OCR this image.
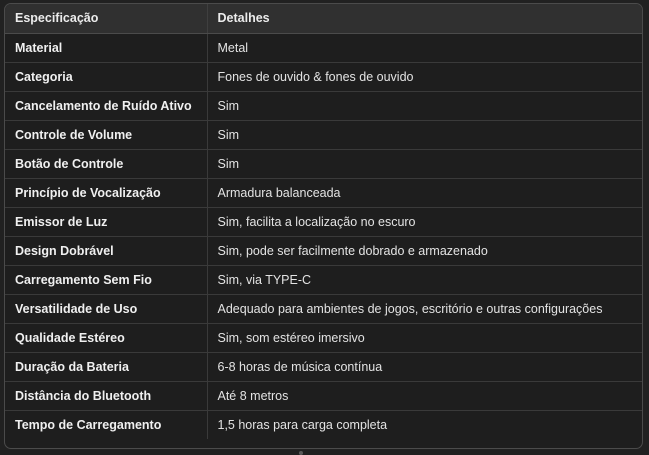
Especificação	Detalhes
Material	Metal
Categoria	Fones de ouvido & fones de ouvido
Cancelamento de Ruído Ativo	Sim
Controle de Volume	Sim
Botão de Controle	Sim
Princípio de Vocalização	Armadura balanceada
Emissor de Luz	Sim, facilita a localização no escuro
Design Dobrável	Sim, pode ser facilmente dobrado e armazenado
Carregamento Sem Fio	Sim, via TYPE-C
Versatilidade de Uso	Adequado para ambientes de jogos, escritório e outras configurações
Qualidade Estéreo	Sim, som estéreo imersivo
Duração da Bateria	6-8 horas de música contínua
Distância do Bluetooth	Até 8 metros
Tempo de Carregamento	1,5 horas para carga completa
